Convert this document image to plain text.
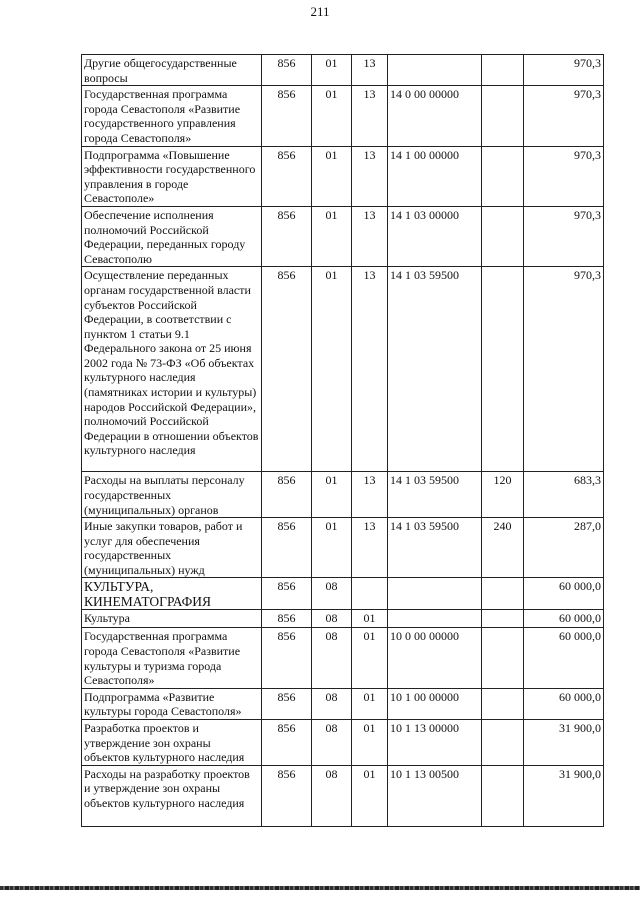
211
Другие общегосударственные вопросы	856	01	13			970,3
Государственная программа города Севастополя «Развитие государственного управления города Севастополя»	856	01	13	14 0 00 00000		970,3
Подпрограмма «Повышение эффективности государственного управления в городе Севастополе»	856	01	13	14 1 00 00000		970,3
Обеспечение исполнения полномочий Российской Федерации, переданных городу Севастополю	856	01	13	14 1 03 00000		970,3
Осуществление переданных органам государственной власти субъектов Российской Федерации, в соответствии с пунктом 1 статьи 9.1 Федерального закона от 25 июня 2002 года № 73-ФЗ «Об объектах культурного наследия (памятниках истории и культуры) народов Российской Федерации», полномочий Российской Федерации в отношении объектов культурного наследия	856	01	13	14 1 03 59500		970,3
Расходы на выплаты персоналу государственных (муниципальных) органов	856	01	13	14 1 03 59500	120	683,3
Иные закупки товаров, работ и услуг для обеспечения государственных (муниципальных) нужд	856	01	13	14 1 03 59500	240	287,0
КУЛЬТУРА, КИНЕМАТОГРАФИЯ	856	08				60 000,0
Культура	856	08	01			60 000,0
Государственная программа города Севастополя «Развитие культуры и туризма города Севастополя»	856	08	01	10 0 00 00000		60 000,0
Подпрограмма «Развитие культуры города Севастополя»	856	08	01	10 1 00 00000		60 000,0
Разработка проектов и утверждение зон охраны объектов культурного наследия	856	08	01	10 1 13 00000		31 900,0
Расходы на разработку проектов и утверждение зон охраны объектов культурного наследия	856	08	01	10 1 13 00500		31 900,0
